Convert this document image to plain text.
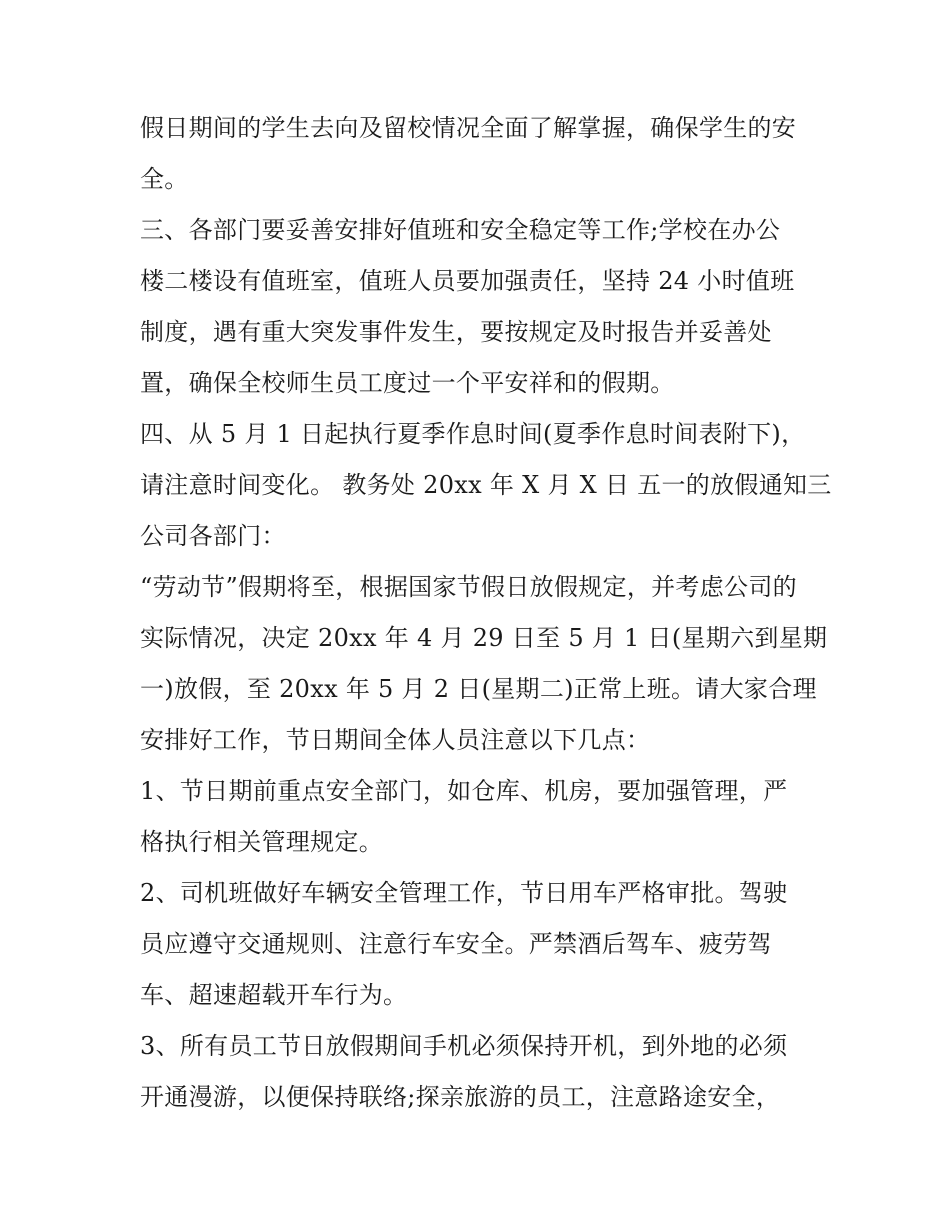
假日期间的学生去向及留校情况全面了解掌握，确保学生的安
全。
三、各部门要妥善安排好值班和安全稳定等工作;学校在办公
楼二楼设有值班室，值班人员要加强责任，坚持 24 小时值班
制度，遇有重大突发事件发生，要按规定及时报告并妥善处
置，确保全校师生员工度过一个平安祥和的假期。
四、从 5 月 1 日起执行夏季作息时间(夏季作息时间表附下)，
请注意时间变化。 教务处 20xx 年 X 月 X 日 五一的放假通知三
公司各部门：
“劳动节”假期将至，根据国家节假日放假规定，并考虑公司的
实际情况，决定 20xx 年 4 月 29 日至 5 月 1 日(星期六到星期
一)放假，至 20xx 年 5 月 2 日(星期二)正常上班。请大家合理
安排好工作，节日期间全体人员注意以下几点：
1、节日期前重点安全部门，如仓库、机房，要加强管理，严
格执行相关管理规定。
2、司机班做好车辆安全管理工作，节日用车严格审批。驾驶
员应遵守交通规则、注意行车安全。严禁酒后驾车、疲劳驾
车、超速超载开车行为。
3、所有员工节日放假期间手机必须保持开机，到外地的必须
开通漫游，以便保持联络;探亲旅游的员工，注意路途安全，
